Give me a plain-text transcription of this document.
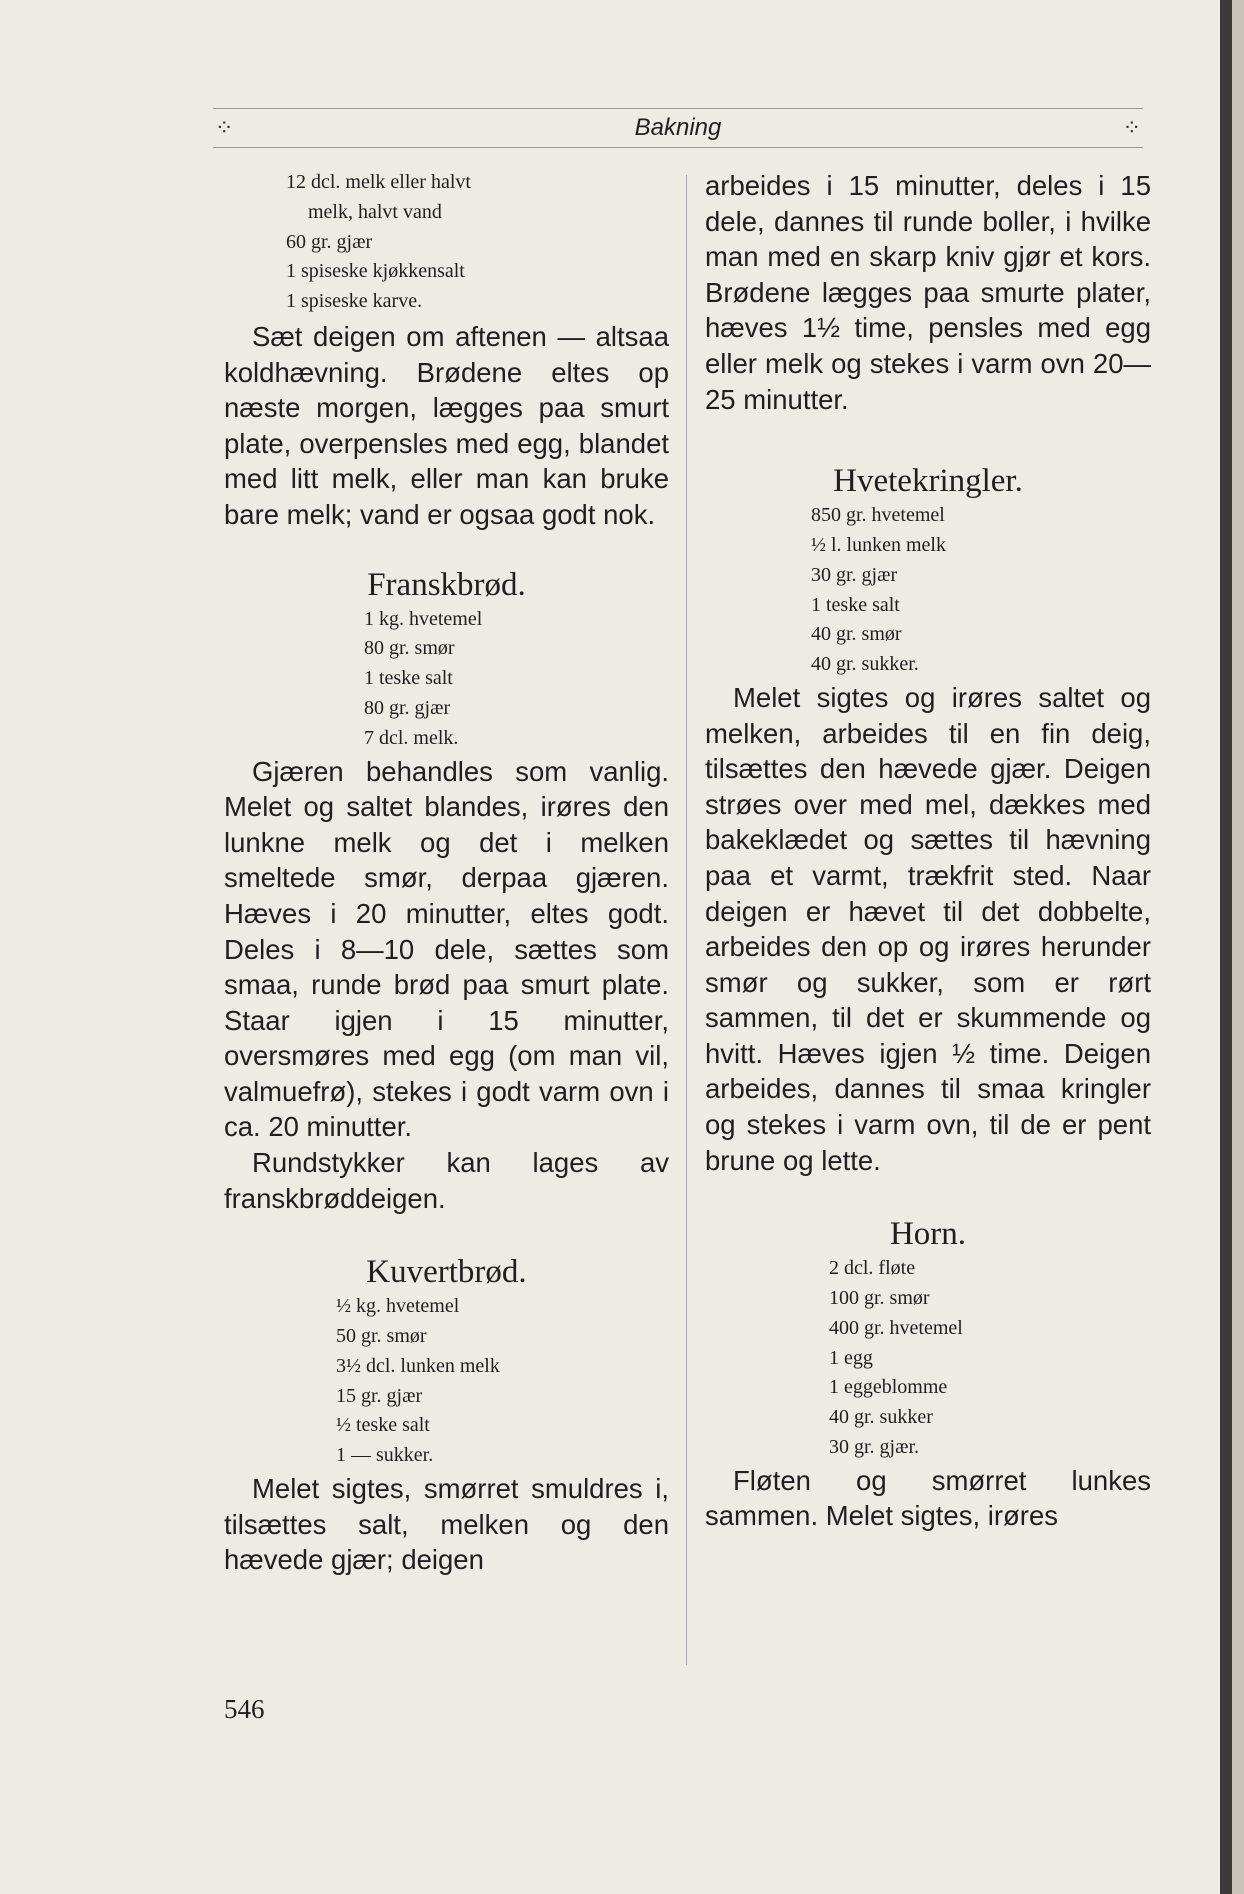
⁘	Bakning	⁘
12 dcl. melk eller halvt
melk, halvt vand
60 gr. gjær
1 spiseske kjøkkensalt
1 spiseske karve.

Sæt deigen om aftenen — altsaa koldhævning. Brødene eltes op næste morgen, lægges paa smurt plate, overpensles med egg, blandet med litt melk, eller man kan bruke bare melk; vand er ogsaa godt nok.

Franskbrød.
1 kg. hvetemel
80 gr. smør
1 teske salt
80 gr. gjær
7 dcl. melk.

Gjæren behandles som vanlig. Melet og saltet blandes, irøres den lunkne melk og det i melken smeltede smør, derpaa gjæren. Hæves i 20 minutter, eltes godt. Deles i 8—10 dele, sættes som smaa, runde brød paa smurt plate. Staar igjen i 15 minutter, oversmøres med egg (om man vil, valmuefrø), stekes i godt varm ovn i ca. 20 minutter.

Rundstykker kan lages av franskbrøddeigen.

Kuvertbrød.
½ kg. hvetemel
50 gr. smør
3½ dcl. lunken melk
15 gr. gjær
½ teske salt
1 — sukker.

Melet sigtes, smørret smuldres i, tilsættes salt, melken og den hævede gjær; deigen

arbeides i 15 minutter, deles i 15 dele, dannes til runde boller, i hvilke man med en skarp kniv gjør et kors. Brødene lægges paa smurte plater, hæves 1½ time, pensles med egg eller melk og stekes i varm ovn 20—25 minutter.

Hvetekringler.
850 gr. hvetemel
½ l. lunken melk
30 gr. gjær
1 teske salt
40 gr. smør
40 gr. sukker.

Melet sigtes og irøres saltet og melken, arbeides til en fin deig, tilsættes den hævede gjær. Deigen strøes over med mel, dækkes med bakeklædet og sættes til hævning paa et varmt, trækfrit sted. Naar deigen er hævet til det dobbelte, arbeides den op og irøres herunder smør og sukker, som er rørt sammen, til det er skummende og hvitt. Hæves igjen ½ time. Deigen arbeides, dannes til smaa kringler og stekes i varm ovn, til de er pent brune og lette.

Horn.
2 dcl. fløte
100 gr. smør
400 gr. hvetemel
1 egg
1 eggeblomme
40 gr. sukker
30 gr. gjær.

Fløten og smørret lunkes sammen. Melet sigtes, irøres

546
